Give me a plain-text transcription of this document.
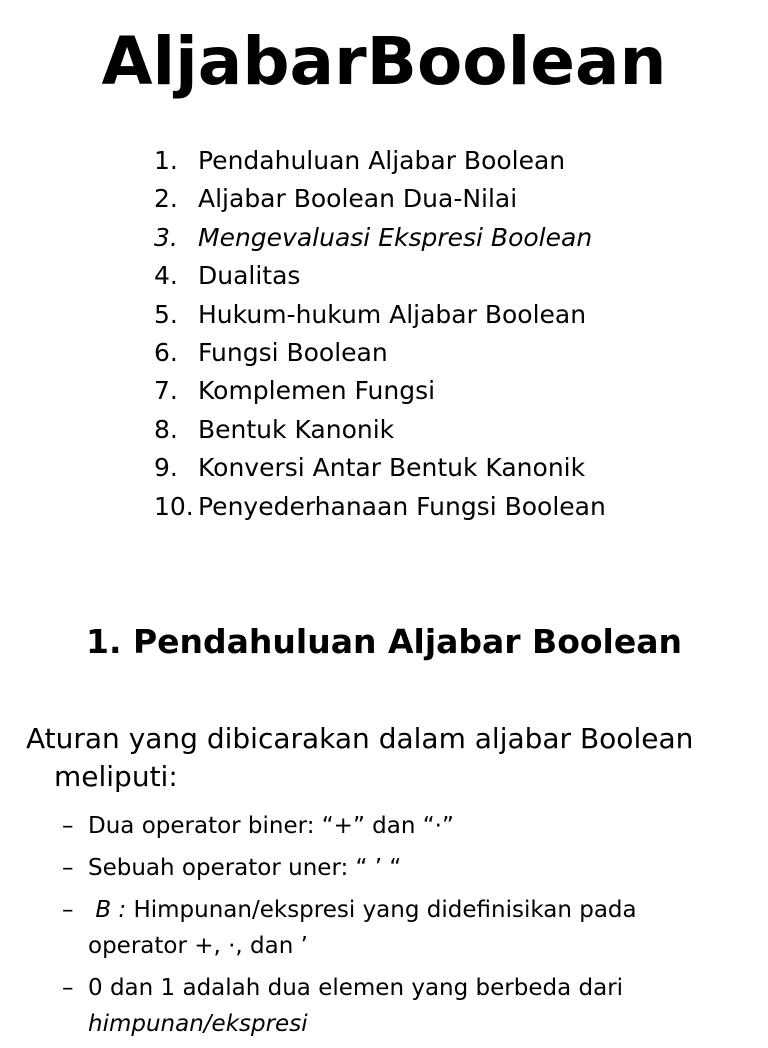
AljabarBoolean
1. Pendahuluan Aljabar Boolean
2. Aljabar Boolean Dua-Nilai
3. Mengevaluasi Ekspresi Boolean
4. Dualitas
5. Hukum-hukum Aljabar Boolean
6. Fungsi Boolean
7. Komplemen Fungsi
8. Bentuk Kanonik
9. Konversi Antar Bentuk Kanonik
10. Penyederhanaan Fungsi Boolean
1. Pendahuluan Aljabar Boolean
Aturan yang dibicarakan dalam aljabar Boolean
meliputi:
– Dua operator biner: “+” dan “·”
– Sebuah operator uner: “ ’ “
– B : Himpunan/ekspresi yang didefinisikan pada operator +, ·, dan ’
– 0 dan 1 adalah dua elemen yang berbeda dari
himpunan/ekspresi
